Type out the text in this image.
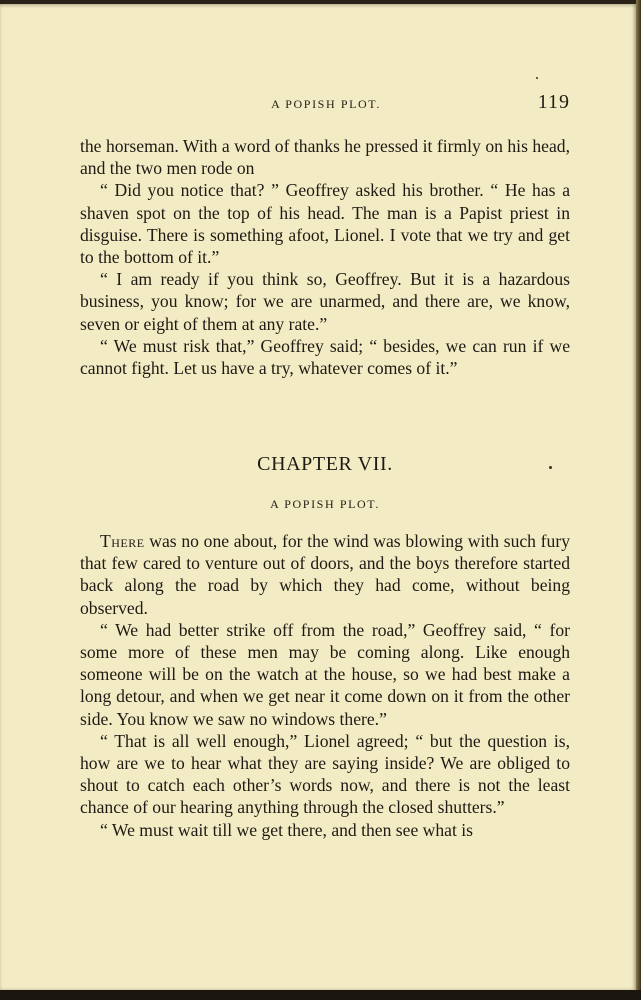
A POPISH PLOT.	119

the horseman. With a word of thanks he pressed it firmly on his head, and the two men rode on

“ Did you notice that? ” Geoffrey asked his brother. “ He has a shaven spot on the top of his head. The man is a Papist priest in disguise. There is something afoot, Lionel. I vote that we try and get to the bottom of it.”

“ I am ready if you think so, Geoffrey. But it is a hazardous business, you know; for we are unarmed, and there are, we know, seven or eight of them at any rate.”

“ We must risk that,” Geoffrey said; “ besides, we can run if we cannot fight. Let us have a try, whatever comes of it.”

CHAPTER VII.
A POPISH PLOT.

There was no one about, for the wind was blowing with such fury that few cared to venture out of doors, and the boys therefore started back along the road by which they had come, without being observed.

“ We had better strike off from the road,” Geoffrey said, “ for some more of these men may be coming along. Like enough someone will be on the watch at the house, so we had best make a long detour, and when we get near it come down on it from the other side. You know we saw no windows there.”

“ That is all well enough,” Lionel agreed; “ but the question is, how are we to hear what they are saying inside? We are obliged to shout to catch each other’s words now, and there is not the least chance of our hearing anything through the closed shutters.”

“ We must wait till we get there, and then see what is
